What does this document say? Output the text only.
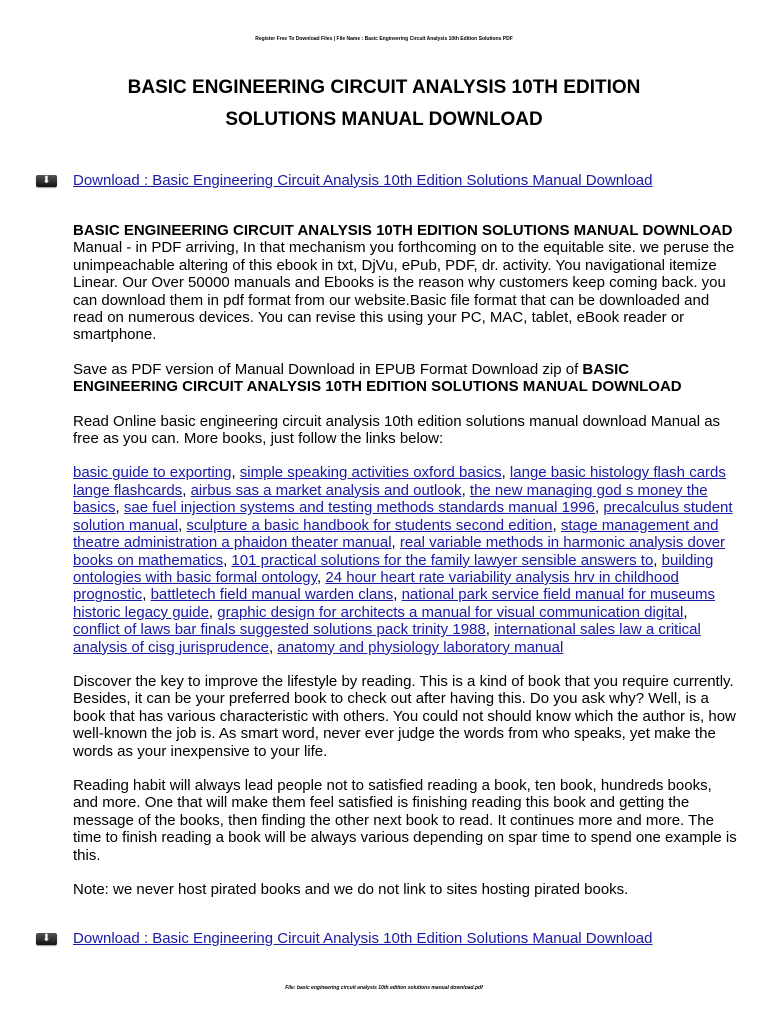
Register Free To Download Files | File Name : Basic Engineering Circuit Analysis 10th Edition Solutions PDF
BASIC ENGINEERING CIRCUIT ANALYSIS 10TH EDITION
SOLUTIONS MANUAL DOWNLOAD
⬇	Download : Basic Engineering Circuit Analysis 10th Edition Solutions Manual Download

BASIC ENGINEERING CIRCUIT ANALYSIS 10TH EDITION SOLUTIONS MANUAL DOWNLOAD Manual - in PDF arriving, In that mechanism you forthcoming on to the equitable site. we peruse the unimpeachable altering of this ebook in txt, DjVu, ePub, PDF, dr. activity. You navigational itemize Linear. Our Over 50000 manuals and Ebooks is the reason why customers keep coming back. you can download them in pdf format from our website.Basic file format that can be downloaded and read on numerous devices. You can revise this using your PC, MAC, tablet, eBook reader or smartphone.

Save as PDF version of Manual Download in EPUB Format Download zip of BASIC ENGINEERING CIRCUIT ANALYSIS 10TH EDITION SOLUTIONS MANUAL DOWNLOAD

Read Online basic engineering circuit analysis 10th edition solutions manual download Manual as free as you can. More books, just follow the links below:

basic guide to exporting, simple speaking activities oxford basics, lange basic histology flash cards lange flashcards, airbus sas a market analysis and outlook, the new managing god s money the basics, sae fuel injection systems and testing methods standards manual 1996, precalculus student solution manual, sculpture a basic handbook for students second edition, stage management and theatre administration a phaidon theater manual, real variable methods in harmonic analysis dover books on mathematics, 101 practical solutions for the family lawyer sensible answers to, building ontologies with basic formal ontology, 24 hour heart rate variability analysis hrv in childhood prognostic, battletech field manual warden clans, national park service field manual for museums historic legacy guide, graphic design for architects a manual for visual communication digital, conflict of laws bar finals suggested solutions pack trinity 1988, international sales law a critical analysis of cisg jurisprudence, anatomy and physiology laboratory manual

Discover the key to improve the lifestyle by reading. This is a kind of book that you require currently. Besides, it can be your preferred book to check out after having this. Do you ask why? Well, is a book that has various characteristic with others. You could not should know which the author is, how well-known the job is. As smart word, never ever judge the words from who speaks, yet make the words as your inexpensive to your life.

Reading habit will always lead people not to satisfied reading a book, ten book, hundreds books, and more. One that will make them feel satisfied is finishing reading this book and getting the message of the books, then finding the other next book to read. It continues more and more. The time to finish reading a book will be always various depending on spar time to spend one example is this.

Note: we never host pirated books and we do not link to sites hosting pirated books.

⬇	Download : Basic Engineering Circuit Analysis 10th Edition Solutions Manual Download
File: basic engineering circuit analysis 10th edition solutions manual download.pdf
